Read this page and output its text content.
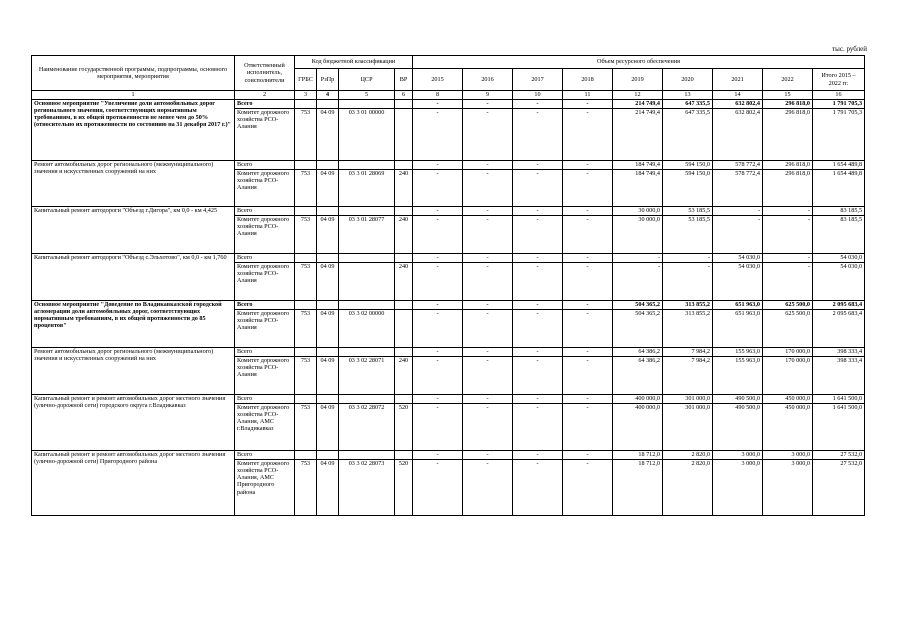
тыс. рублей
Наименование государственной программы, подпрограммы, основного мероприятия, мероприятия	Ответственный исполнитель, соисполнители	Код бюджетной классификации				Объем ресурсного обеспечения								
		ГРБС	РзПр	ЦСР	ВР	2015	2016	2017	2018	2019	2020	2021	2022	Итого 2015 – 2022 гг.
1	2	3	4	5	6	8	9	10	11	12	13	14	15	16

Основное мероприятие "Увеличение доли автомобильных дорог регионального значения, соответствующих нормативным требованиям, в их общей протяженности не менее чем до 50% (относительно их протяженности по состоянию на 31 декабря 2017 г.)"	Всего					-	-	-	-	214 749,4	647 335,5	632 802,4	296 818,0	1 791 705,3

	Комитет дорожного хозяйства РСО-Алания	753	04 09	03 3 01 00000		-	-	-	-	214 749,4	647 335,5	632 802,4	296 818,0	1 791 705,3

Ремонт автомобильных дорог регионального (межмуниципального) значения и искусственных сооружений на них	Всего					-	-	-	-	184 749,4	594 150,0	578 772,4	296 818,0	1 654 489,8

	Комитет дорожного хозяйства РСО-Алания	753	04 09	03 3 01 28069	240	-	-	-	-	184 749,4	594 150,0	578 772,4	296 818,0	1 654 489,8

Капитальный ремонт автодороги "Объезд г.Дигора", км 0,0 - км 4,425	Всего					-	-	-	-	30 000,0	53 185,5	-	-	83 185,5

	Комитет дорожного хозяйства РСО-Алания	753	04 09	03 3 01 28077	240	-	-	-	-	30 000,0	53 185,5	-	-	83 185,5

Капитальный ремонт автодороги "Объезд с.Эльхотово", км 0,0 - км 1,760	Всего					-	-	-	-	-	-	54 030,0	-	54 030,0

	Комитет дорожного хозяйства РСО-Алания	753	04 09		240	-	-	-	-	-	-	54 030,0	-	54 030,0

Основное мероприятие "Доведение по Владикавказской городской агломерации доли автомобильных дорог, соответствующих нормативным требованиям, в их общей протяженности до 85 процентов"	Всего					-	-	-	-	504 365,2	313 855,2	651 963,0	625 500,0	2 095 683,4

	Комитет дорожного хозяйства РСО-Алания	753	04 09	03 3 02 00000		-	-	-	-	504 365,2	313 855,2	651 963,0	625 500,0	2 095 683,4

Ремонт автомобильных дорог регионального (межмуниципального) значения и искусственных сооружений на них	Всего					-	-	-	-	64 386,2	7 984,2	155 963,0	170 000,0	398 333,4

	Комитет дорожного хозяйства РСО-Алания	753	04 09	03 3 02 28071	240	-	-	-	-	64 386,2	7 984,2	155 963,0	170 000,0	398 333,4

Капитальный ремонт и ремонт автомобильных дорог местного значения (улично-дорожной сети) городского округа г.Владикавказ	Всего					-	-	-	-	400 000,0	301 000,0	490 500,0	450 000,0	1 641 500,0

	Комитет дорожного хозяйства РСО-Алания, АМС г.Владикавказ	753	04 09	03 3 02 28072	520	-	-	-	-	400 000,0	301 000,0	490 500,0	450 000,0	1 641 500,0

Капитальный ремонт и ремонт автомобильных дорог местного значения (улично-дорожной сети) Пригородного района	Всего					-	-	-	-	18 712,0	2 820,0	3 000,0	3 000,0	27 532,0

	Комитет дорожного хозяйства РСО-Алания, АМС Пригородного района	753	04 09	03 3 02 28073	520	-	-	-	-	18 712,0	2 820,0	3 000,0	3 000,0	27 532,0
